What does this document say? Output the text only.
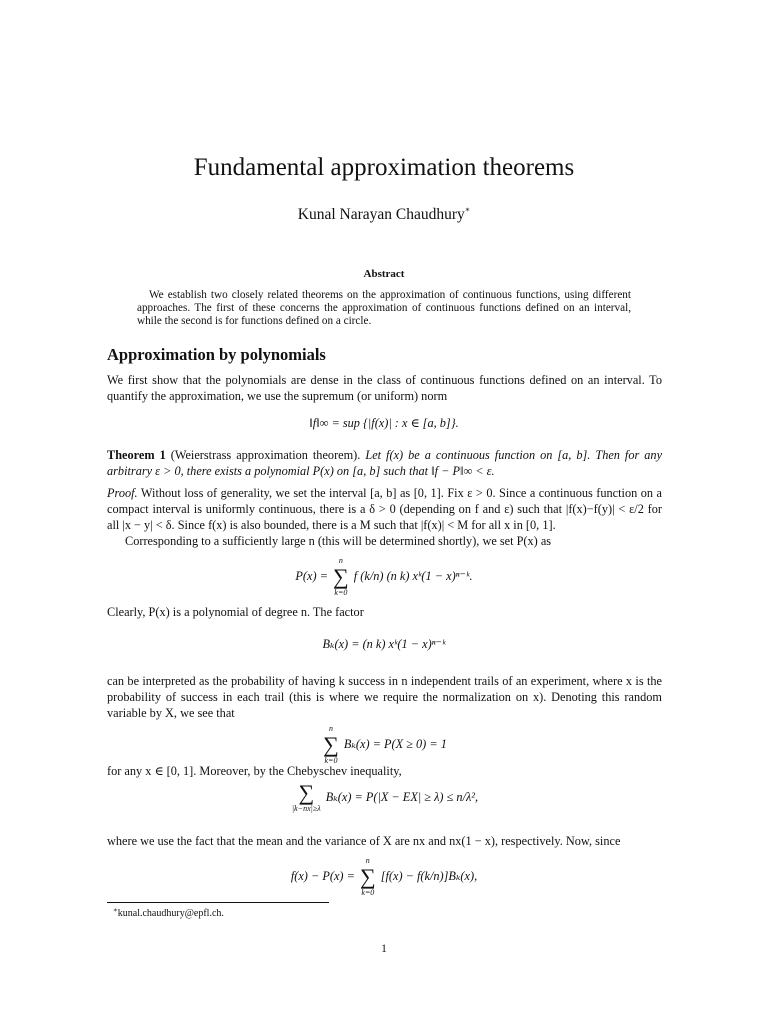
Fundamental approximation theorems
Kunal Narayan Chaudhury∗
Abstract
We establish two closely related theorems on the approximation of continuous functions, using different approaches. The first of these concerns the approximation of continuous functions defined on an interval, while the second is for functions defined on a circle.
Approximation by polynomials
We first show that the polynomials are dense in the class of continuous functions defined on an interval. To quantify the approximation, we use the supremum (or uniform) norm
‖f‖∞ = sup {|f(x)| : x ∈ [a, b]}.
Theorem 1 (Weierstrass approximation theorem). Let f(x) be a continuous function on [a, b]. Then for any arbitrary ε > 0, there exists a polynomial P(x) on [a, b] such that ‖f − P‖∞ < ε.
Proof. Without loss of generality, we set the interval [a, b] as [0, 1]. Fix ε > 0. Since a continuous function on a compact interval is uniformly continuous, there is a δ > 0 (depending on f and ε) such that |f(x)−f(y)| < ε/2 for all |x − y| < δ. Since f(x) is also bounded, there is a M such that |f(x)| < M for all x in [0, 1].
Corresponding to a sufficiently large n (this will be determined shortly), we set P(x) as
P(x) =
n
∑
k=0
f (k/n) (n k) xᵏ(1 − x)ⁿ⁻ᵏ.
Clearly, P(x) is a polynomial of degree n. The factor
Bₖ(x) = (n k) xᵏ(1 − x)ⁿ⁻ᵏ
can be interpreted as the probability of having k success in n independent trails of an experiment, where x is the probability of success in each trail (this is where we require the normalization on x). Denoting this random variable by X, we see that
n
∑
k=0
Bₖ(x) = P(X ≥ 0) = 1
for any x ∈ [0, 1]. Moreover, by the Chebyschev inequality,
∑
|k−nx|≥λ
Bₖ(x) = P(|X − EX| ≥ λ) ≤ n/λ²,
where we use the fact that the mean and the variance of X are nx and nx(1 − x), respectively. Now, since
f(x) − P(x) =
n
∑
k=0
[f(x) − f(k/n)]Bₖ(x),
∗kunal.chaudhury@epfl.ch.
1
